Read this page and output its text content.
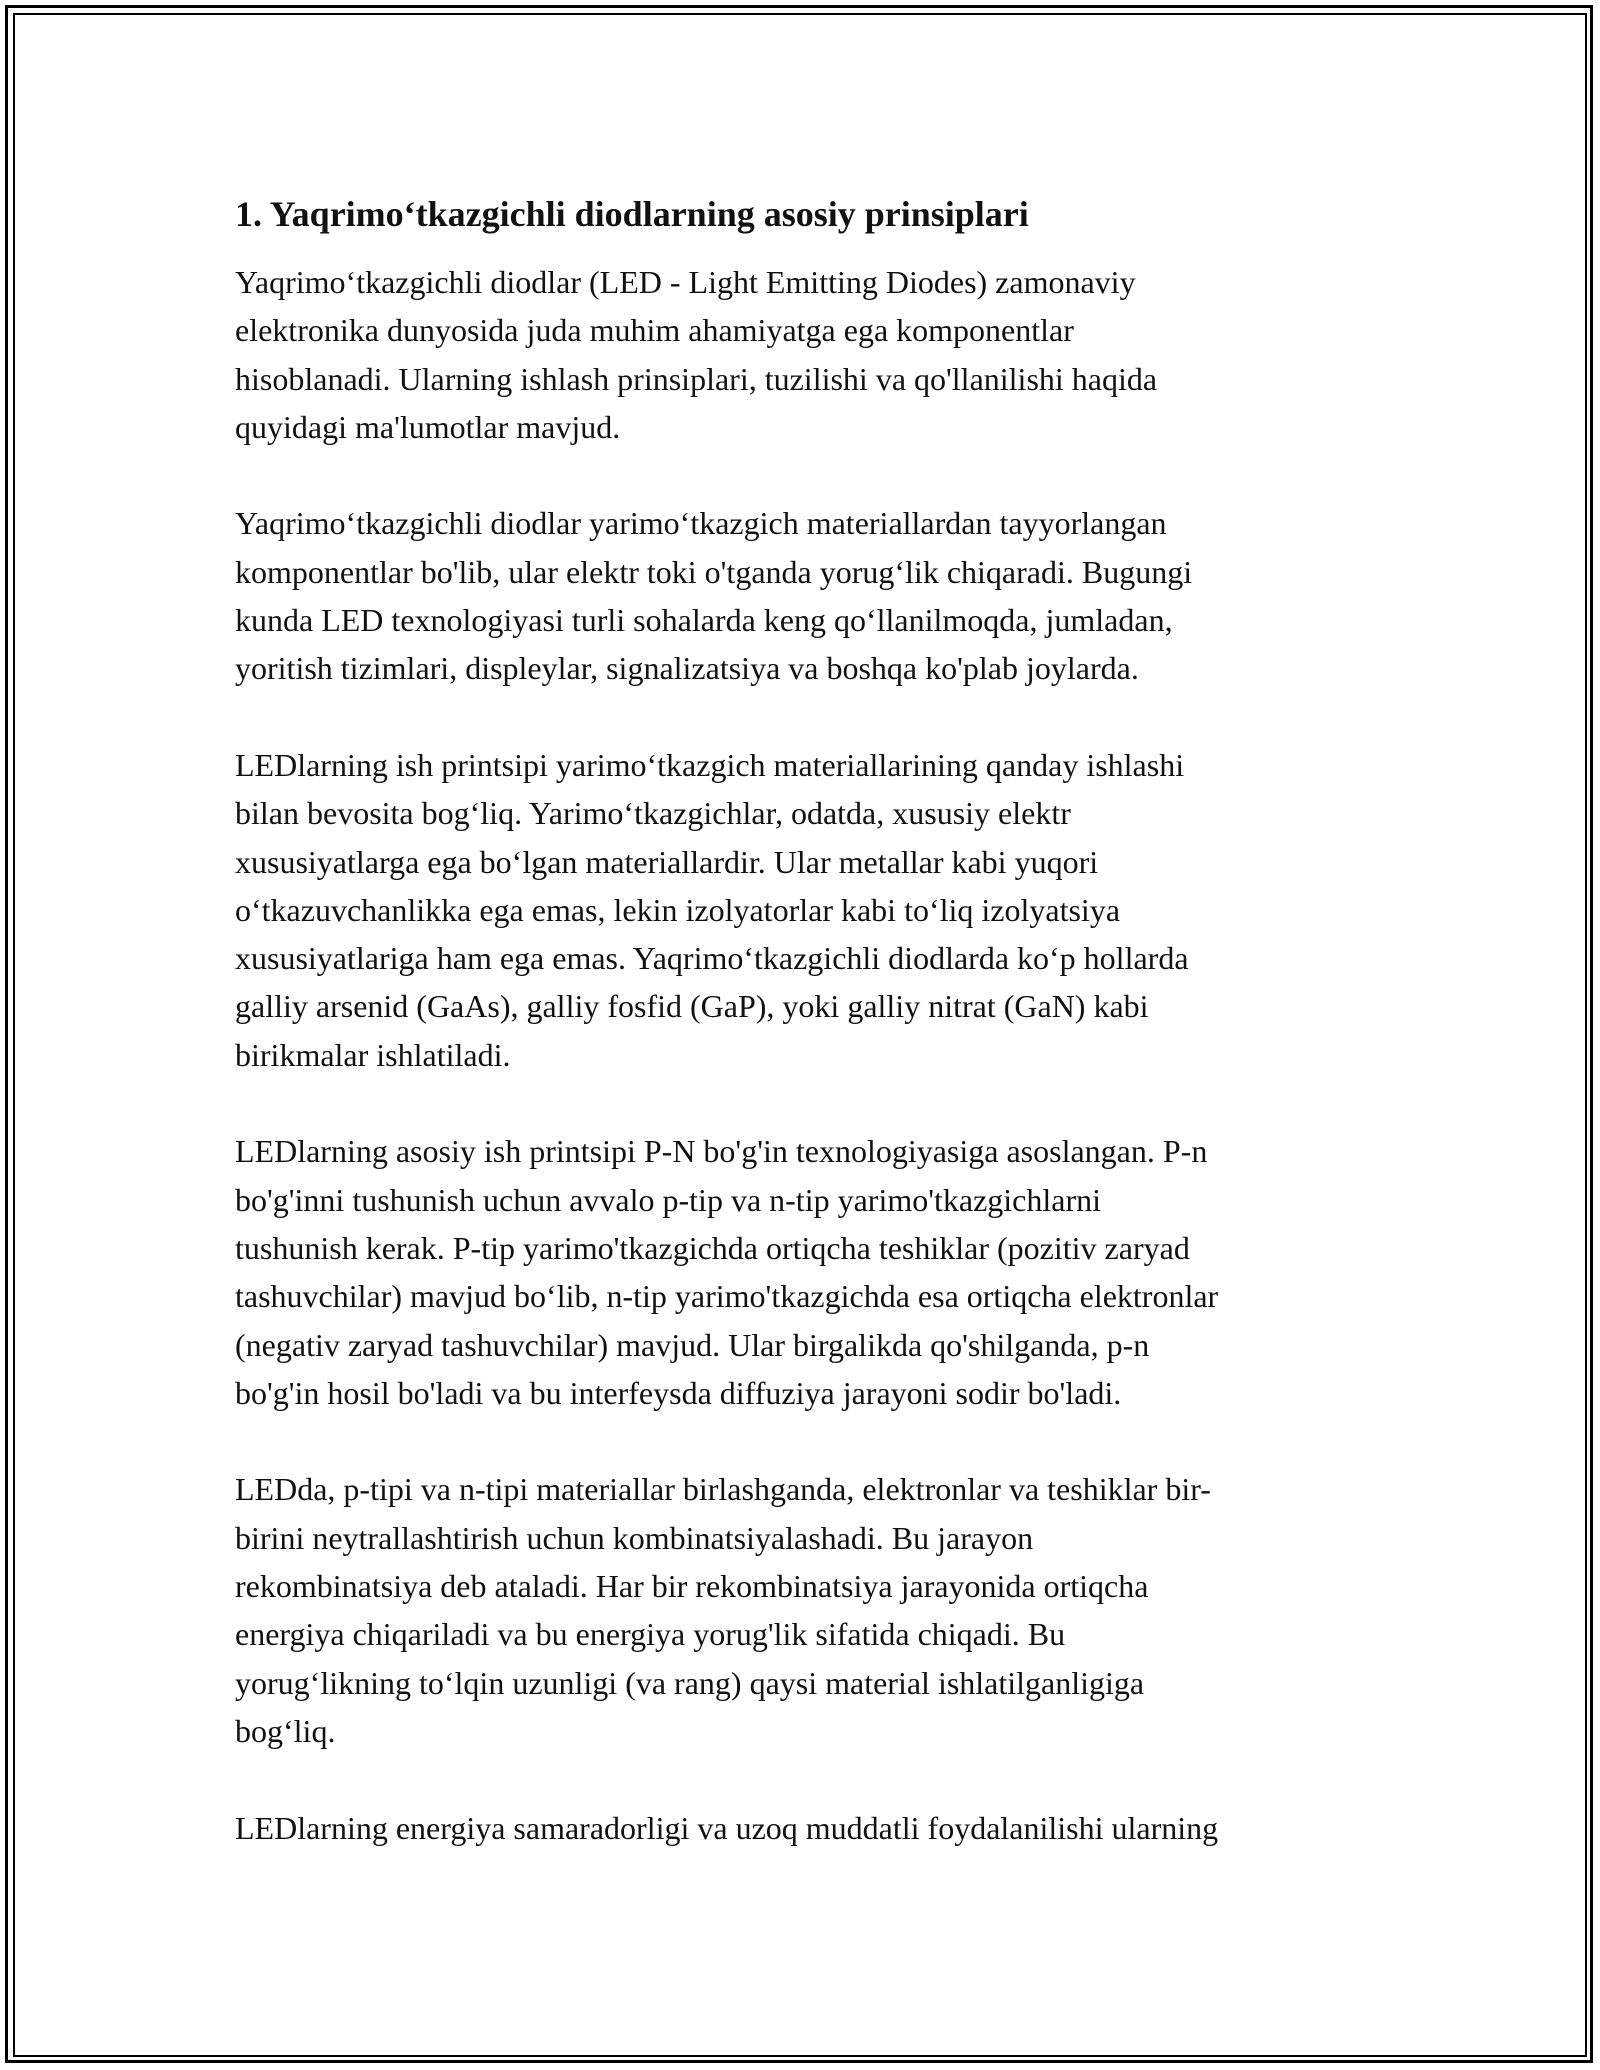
1. Yaqrimo‘tkazgichli diodlarning asosiy prinsiplari

Yaqrimo‘tkazgichli diodlar (LED - Light Emitting Diodes) zamonaviy
elektronika dunyosida juda muhim ahamiyatga ega komponentlar
hisoblanadi. Ularning ishlash prinsiplari, tuzilishi va qo'llanilishi haqida
quyidagi ma'lumotlar mavjud.

Yaqrimo‘tkazgichli diodlar yarimo‘tkazgich materiallardan tayyorlangan
komponentlar bo'lib, ular elektr toki o'tganda yorug‘lik chiqaradi. Bugungi
kunda LED texnologiyasi turli sohalarda keng qo‘llanilmoqda, jumladan,
yoritish tizimlari, displeylar, signalizatsiya va boshqa ko'plab joylarda.

LEDlarning ish printsipi yarimo‘tkazgich materiallarining qanday ishlashi
bilan bevosita bog‘liq. Yarimo‘tkazgichlar, odatda, xususiy elektr
xususiyatlarga ega bo‘lgan materiallardir. Ular metallar kabi yuqori
o‘tkazuvchanlikka ega emas, lekin izolyatorlar kabi to‘liq izolyatsiya
xususiyatlariga ham ega emas. Yaqrimo‘tkazgichli diodlarda ko‘p hollarda
galliy arsenid (GaAs), galliy fosfid (GaP), yoki galliy nitrat (GaN) kabi
birikmalar ishlatiladi.

LEDlarning asosiy ish printsipi P-N bo'g'in texnologiyasiga asoslangan. P-n
bo'g'inni tushunish uchun avvalo p-tip va n-tip yarimo'tkazgichlarni
tushunish kerak. P-tip yarimo'tkazgichda ortiqcha teshiklar (pozitiv zaryad
tashuvchilar) mavjud bo‘lib, n-tip yarimo'tkazgichda esa ortiqcha elektronlar
(negativ zaryad tashuvchilar) mavjud. Ular birgalikda qo'shilganda, p-n
bo'g'in hosil bo'ladi va bu interfeysda diffuziya jarayoni sodir bo'ladi.

LEDda, p-tipi va n-tipi materiallar birlashganda, elektronlar va teshiklar bir-
birini neytrallashtirish uchun kombinatsiyalashadi. Bu jarayon
rekombinatsiya deb ataladi. Har bir rekombinatsiya jarayonida ortiqcha
energiya chiqariladi va bu energiya yorug'lik sifatida chiqadi. Bu
yorug‘likning to‘lqin uzunligi (va rang) qaysi material ishlatilganligiga
bog‘liq.

LEDlarning energiya samaradorligi va uzoq muddatli foydalanilishi ularning
